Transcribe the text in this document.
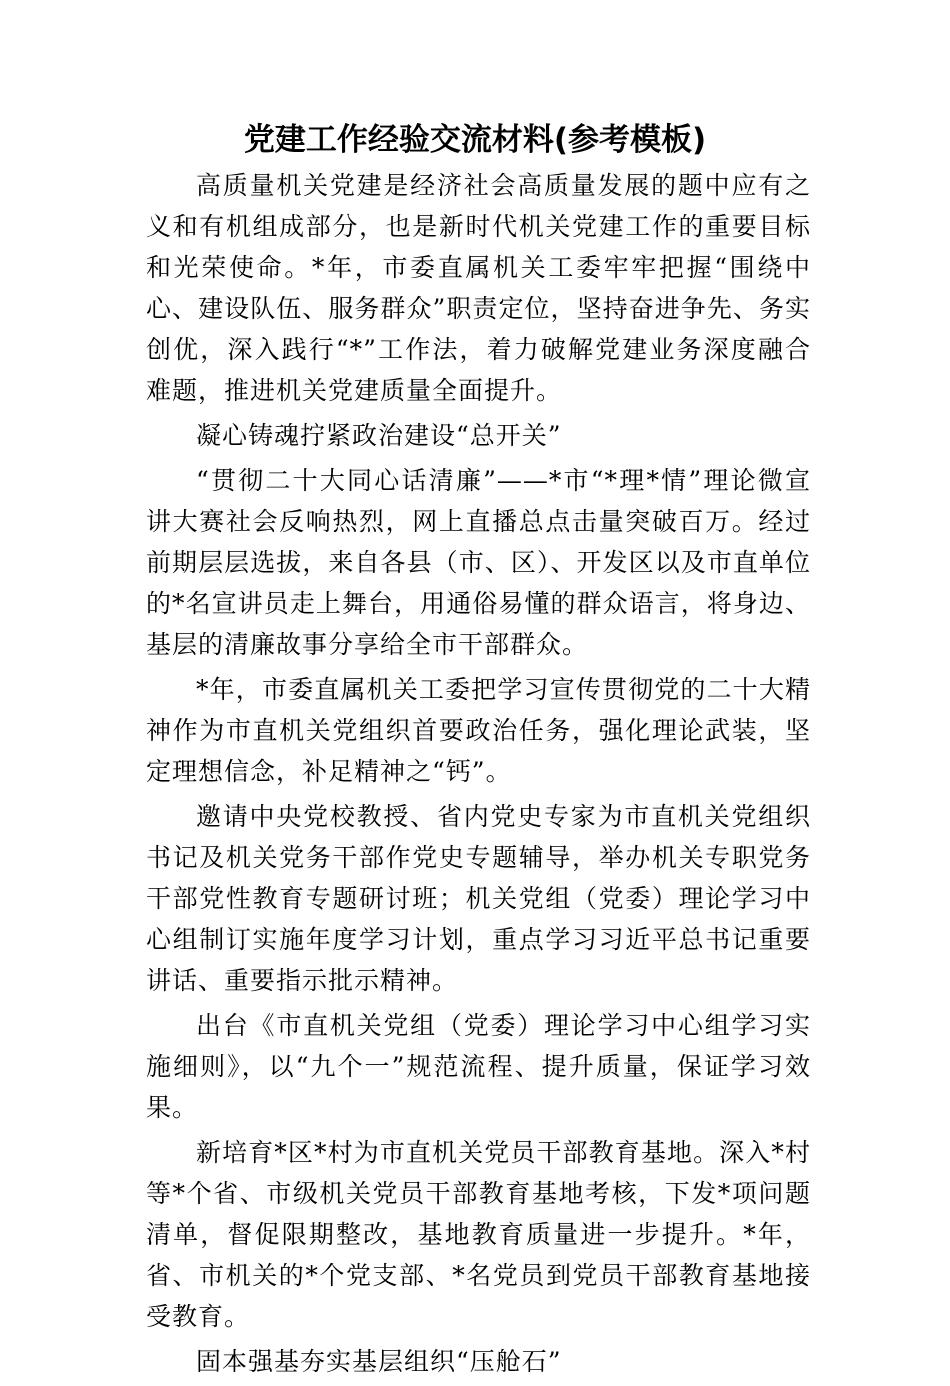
党建工作经验交流材料(参考模板)

高质量机关党建是经济社会高质量发展的题中应有之义和有机组成部分，也是新时代机关党建工作的重要目标和光荣使命。*年，市委直属机关工委牢牢把握“围绕中心、建设队伍、服务群众”职责定位，坚持奋进争先、务实创优，深入践行“*”工作法，着力破解党建业务深度融合难题，推进机关党建质量全面提升。

凝心铸魂拧紧政治建设“总开关”

“贯彻二十大同心话清廉”——*市“*理*情”理论微宣讲大赛社会反响热烈，网上直播总点击量突破百万。经过前期层层选拔，来自各县（市、区）、开发区以及市直单位的*名宣讲员走上舞台，用通俗易懂的群众语言，将身边、基层的清廉故事分享给全市干部群众。

*年，市委直属机关工委把学习宣传贯彻党的二十大精神作为市直机关党组织首要政治任务，强化理论武装，坚定理想信念，补足精神之“钙”。

邀请中央党校教授、省内党史专家为市直机关党组织书记及机关党务干部作党史专题辅导，举办机关专职党务干部党性教育专题研讨班；机关党组（党委）理论学习中心组制订实施年度学习计划，重点学习习近平总书记重要讲话、重要指示批示精神。

出台《市直机关党组（党委）理论学习中心组学习实施细则》，以“九个一”规范流程、提升质量，保证学习效果。

新培育*区*村为市直机关党员干部教育基地。深入*村等*个省、市级机关党员干部教育基地考核，下发*项问题清单，督促限期整改，基地教育质量进一步提升。*年，省、市机关的*个党支部、*名党员到党员干部教育基地接受教育。

固本强基夯实基层组织“压舱石”
